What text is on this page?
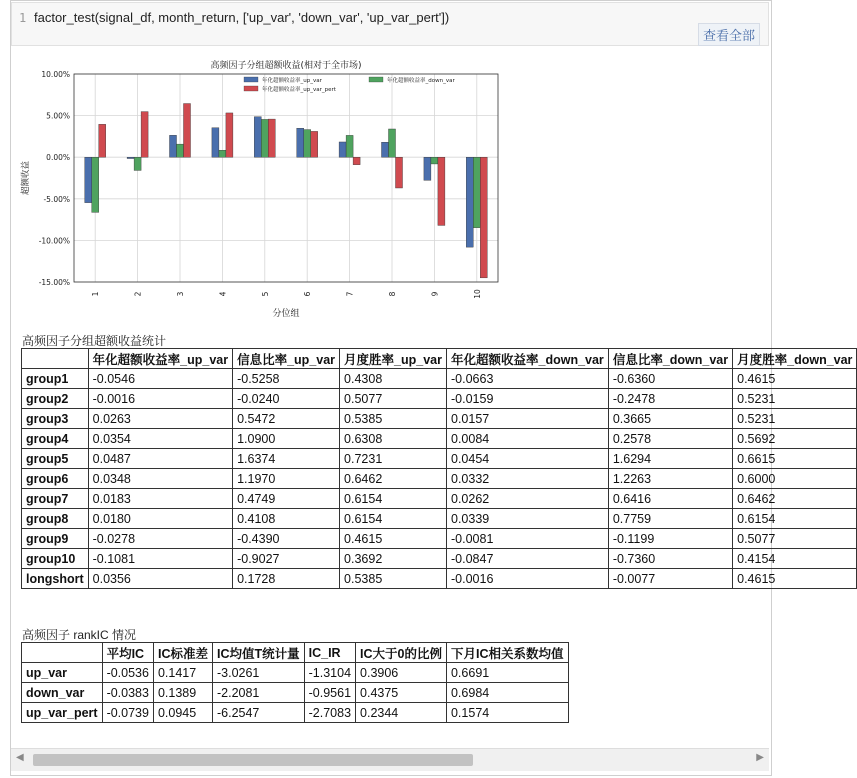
1 factor_test(signal_df, month_return, ['up_var', 'down_var', 'up_var_pert'])
查看全部
高频因子分组超额收益(相对于全市场)
10.00%
5.00%
0.00%
-5.00%
-10.00%
-15.00%
1	2	3	4	5	6	7	8	9	10
分位组
超额收益
年化超额收益率_up_var	年化超额收益率_down_var
年化超额收益率_up_var_pert
高频因子分组超额收益统计
	年化超额收益率_up_var	信息比率_up_var	月度胜率_up_var	年化超额收益率_down_var	信息比率_down_var	月度胜率_down_var
group1	-0.0546	-0.5258	0.4308	-0.0663	-0.6360	0.4615
group2	-0.0016	-0.0240	0.5077	-0.0159	-0.2478	0.5231
group3	0.0263	0.5472	0.5385	0.0157	0.3665	0.5231
group4	0.0354	1.0900	0.6308	0.0084	0.2578	0.5692
group5	0.0487	1.6374	0.7231	0.0454	1.6294	0.6615
group6	0.0348	1.1970	0.6462	0.0332	1.2263	0.6000
group7	0.0183	0.4749	0.6154	0.0262	0.6416	0.6462
group8	0.0180	0.4108	0.6154	0.0339	0.7759	0.6154
group9	-0.0278	-0.4390	0.4615	-0.0081	-0.1199	0.5077
group10	-0.1081	-0.9027	0.3692	-0.0847	-0.7360	0.4154
longshort	0.0356	0.1728	0.5385	-0.0016	-0.0077	0.4615
高频因子 rankIC 情况
	平均IC	IC标准差	IC均值T统计量	IC_IR	IC大于0的比例	下月IC相关系数均值
up_var	-0.0536	0.1417	-3.0261	-1.3104	0.3906	0.6691
down_var	-0.0383	0.1389	-2.2081	-0.9561	0.4375	0.6984
up_var_pert	-0.0739	0.0945	-6.2547	-2.7083	0.2344	0.1574
◀	▶
